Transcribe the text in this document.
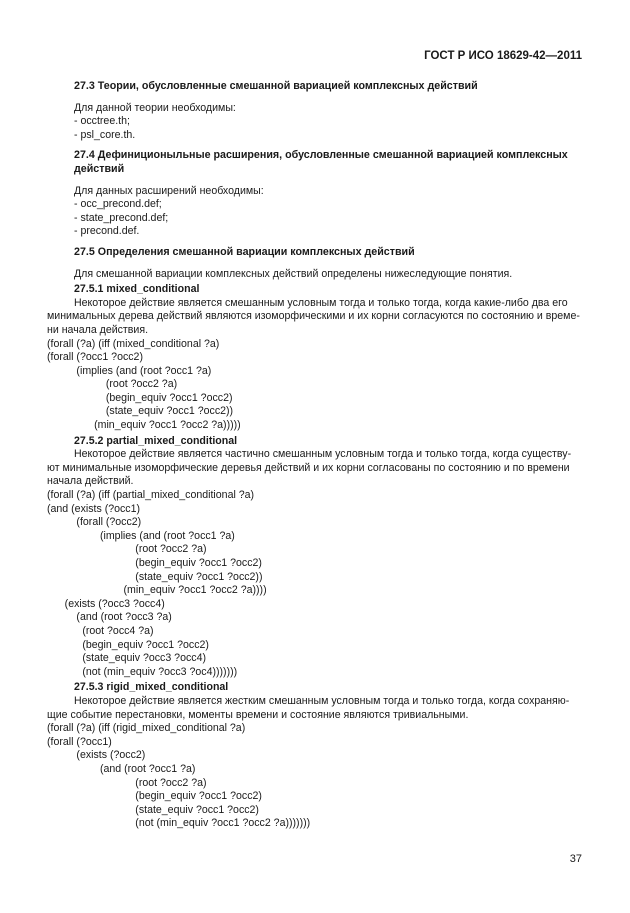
ГОСТ Р ИСО 18629-42—2011

27.3 Теории, обусловленные смешанной вариацией комплексных действий

Для данной теории необходимы:

- occtree.th;
- psl_core.th.

27.4 Дефиниционыльные расширения, обусловленные смешанной вариацией комплексных
действий

Для данных расширений необходимы:

- occ_precond.def;
- state_precond.def;
- precond.def.

27.5 Определения смешанной вариации комплексных действий

Для смешанной вариации комплексных действий определены нижеследующие понятия.

27.5.1 mixed_conditional

Некоторое действие является смешанным условным тогда и только тогда, когда какие-либо два его
минимальных дерева действий являются изоморфическими и их корни согласуются по состоянию и време-
ни начала действия.

(forall (?a) (iff (mixed_conditional ?a)

(forall (?occ1 ?occ2)

(implies (and (root ?occ1 ?a)

(root ?occ2 ?a)

(begin_equiv ?occ1 ?occ2)

(state_equiv ?occ1 ?occ2))

(min_equiv ?occ1 ?occ2 ?a)))))

27.5.2 partial_mixed_conditional

Некоторое действие является частично смешанным условным тогда и только тогда, когда существу-
ют минимальные изоморфические деревья действий и их корни согласованы по состоянию и по времени
начала действий.

(forall (?a) (iff (partial_mixed_conditional ?a)

(and (exists (?occ1)

(forall (?occ2)

(implies (and (root ?occ1 ?a)

(root ?occ2 ?a)

(begin_equiv ?occ1 ?occ2)

(state_equiv ?occ1 ?occ2))

(min_equiv ?occ1 ?occ2 ?a))))

(exists (?occ3 ?occ4)

(and (root ?occ3 ?a)

(root ?occ4 ?a)

(begin_equiv ?occ1 ?occ2)

(state_equiv ?occ3 ?occ4)

(not (min_equiv ?occ3 ?oc4)))))))

27.5.3 rigid_mixed_conditional

Некоторое действие является жестким смешанным условным тогда и только тогда, когда сохраняю-
щие событие перестановки, моменты времени и состояние являются тривиальными.

(forall (?a) (iff (rigid_mixed_conditional ?a)

(forall (?occ1)

(exists (?occ2)

(and (root ?occ1 ?a)

(root ?occ2 ?a)

(begin_equiv ?occ1 ?occ2)

(state_equiv ?occ1 ?occ2)

(not (min_equiv ?occ1 ?occ2 ?a)))))))

37
